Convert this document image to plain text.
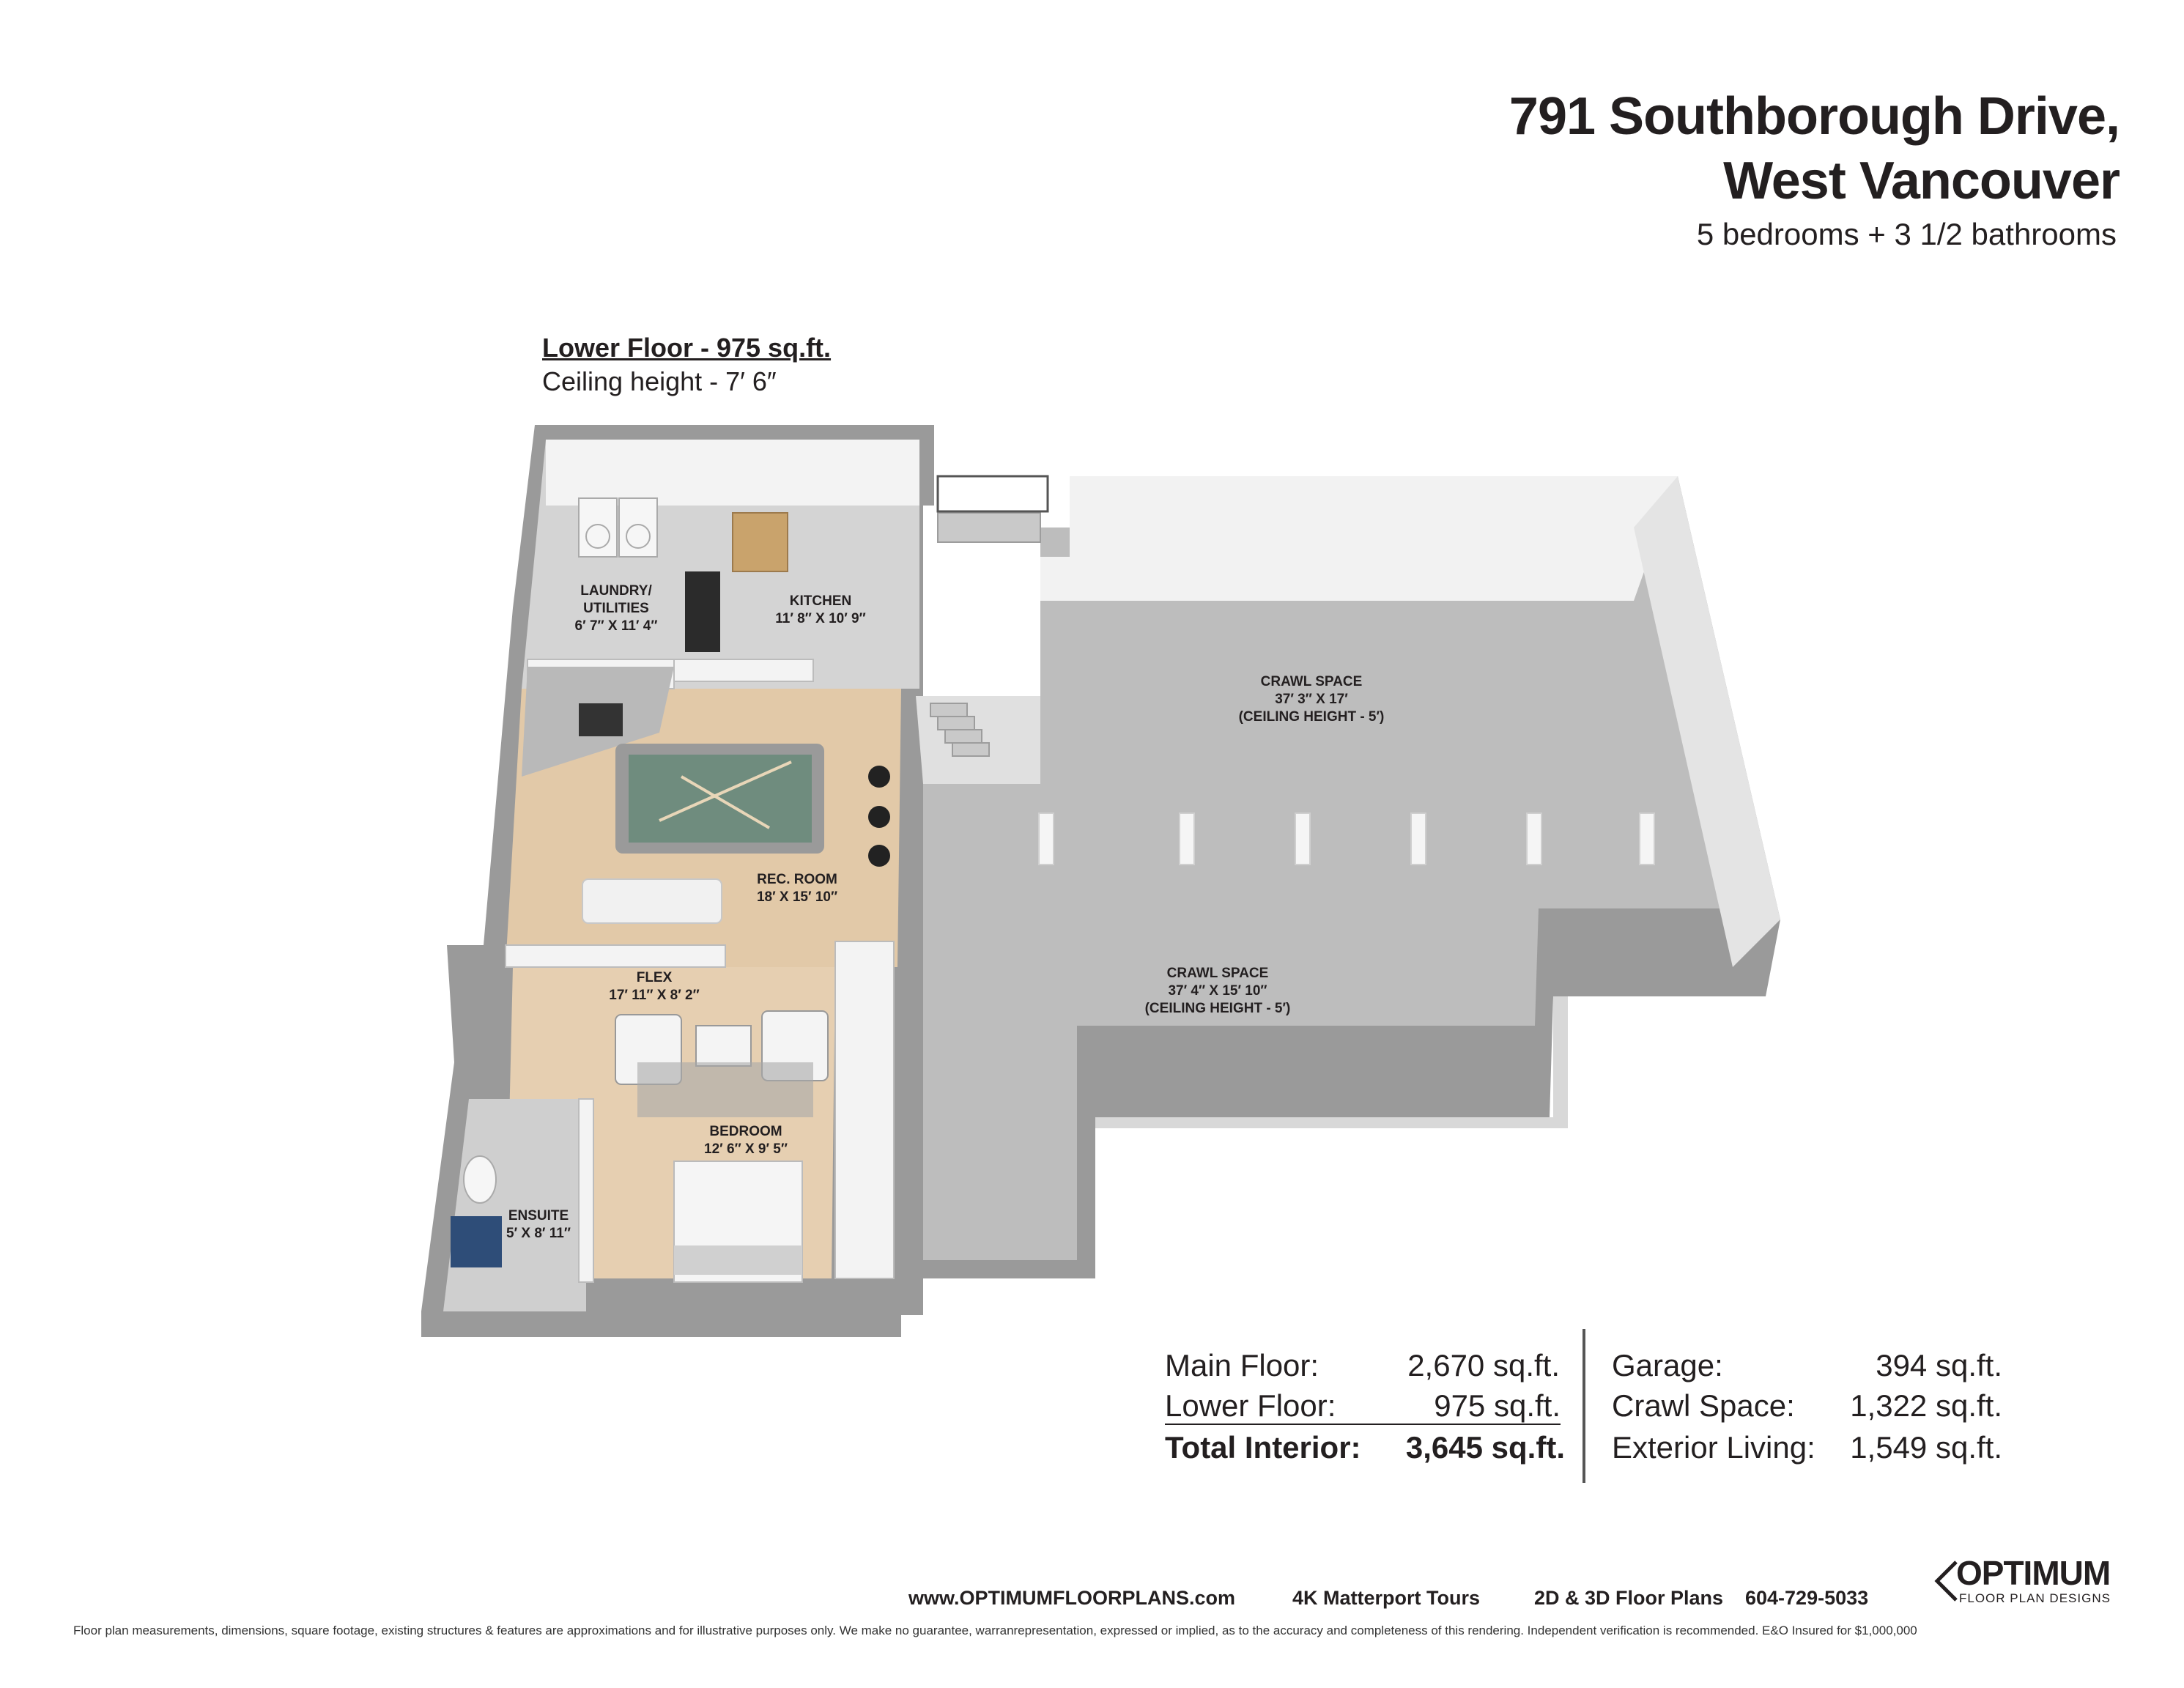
791 Southborough Drive,
West Vancouver
5 bedrooms + 3 1/2 bathrooms
Lower Floor - 975 sq.ft.
Ceiling height - 7′ 6″
LAUNDRY/
UTILITIES
6′ 7″ X 11′ 4″
KITCHEN
11′ 8″ X 10′ 9″
CRAWL SPACE
37′ 3″ X 17′
(CEILING HEIGHT - 5′)
REC. ROOM
18′ X 15′ 10″
FLEX
17′ 11″ X 8′ 2″
CRAWL SPACE
37′ 4″ X 15′ 10″
(CEILING HEIGHT - 5′)
BEDROOM
12′ 6″ X 9′ 5″
ENSUITE
5′ X 8′ 11″
Main Floor:	2,670 sq.ft.
Lower Floor:	975 sq.ft.
Total Interior: 3,645 sq.ft.
Garage:	394 sq.ft.
Crawl Space: 1,322 sq.ft.
Exterior Living: 1,549 sq.ft.
www.OPTIMUMFLOORPLANS.com	4K Matterport Tours	2D & 3D Floor Plans 604-729-5033
OPTIMUM
FLOOR PLAN DESIGNS
Floor plan measurements, dimensions, square footage, existing structures & features are approximations and for illustrative purposes only. We make no guarantee, warranrepresentation, expressed or implied, as to the accuracy and completeness of this rendering. Independent verification is recommended. E&O Insured for $1,000,000
